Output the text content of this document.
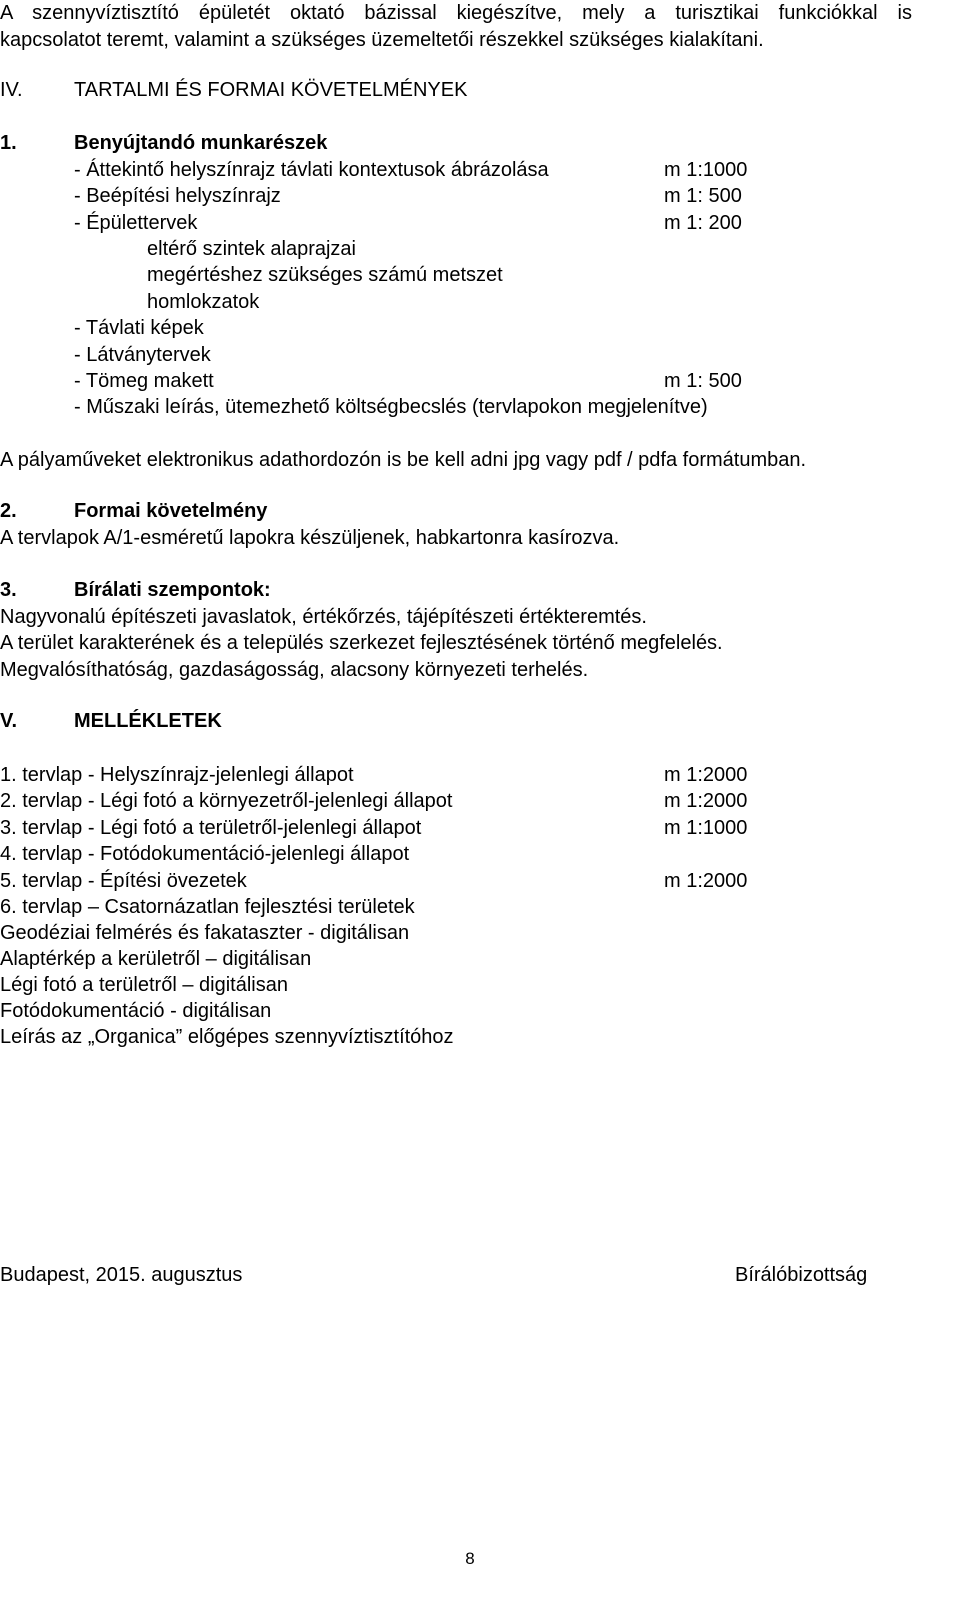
A szennyvíztisztító épületét oktató bázissal kiegészítve, mely a turisztikai funkciókkal is
kapcsolatot teremt, valamint a szükséges üzemeltetői részekkel szükséges kialakítani.
IV.	TARTALMI ÉS FORMAI KÖVETELMÉNYEK
1.	Benyújtandó munkarészek
- Áttekintő helyszínrajz távlati kontextusok ábrázolása	m 1:1000
- Beépítési helyszínrajz	m 1: 500
- Épülettervek	m 1: 200
eltérő szintek alaprajzai
megértéshez szükséges számú metszet
homlokzatok
- Távlati képek
- Látványtervek
- Tömeg makett	m 1: 500
- Műszaki leírás, ütemezhető költségbecslés (tervlapokon megjelenítve)
A pályaműveket elektronikus adathordozón is be kell adni jpg vagy pdf / pdfa formátumban.
2.	Formai követelmény
A tervlapok A/1-esméretű lapokra készüljenek, habkartonra kasírozva.
3.	Bírálati szempontok:
Nagyvonalú építészeti javaslatok, értékőrzés, tájépítészeti értékteremtés.
A terület karakterének és a település szerkezet fejlesztésének történő megfelelés.
Megvalósíthatóság, gazdaságosság, alacsony környezeti terhelés.
V.	MELLÉKLETEK
1. tervlap - Helyszínrajz-jelenlegi állapot	m 1:2000
2. tervlap - Légi fotó a környezetről-jelenlegi állapot	m 1:2000
3. tervlap - Légi fotó a területről-jelenlegi állapot	m 1:1000
4. tervlap - Fotódokumentáció-jelenlegi állapot
5. tervlap - Építési övezetek	m 1:2000
6. tervlap – Csatornázatlan fejlesztési területek
Geodéziai felmérés és fakataszter - digitálisan
Alaptérkép a kerületről – digitálisan
Légi fotó a területről – digitálisan
Fotódokumentáció - digitálisan
Leírás az „Organica” előgépes szennyvíztisztítóhoz
Budapest, 2015. augusztus	Bírálóbizottság
8
